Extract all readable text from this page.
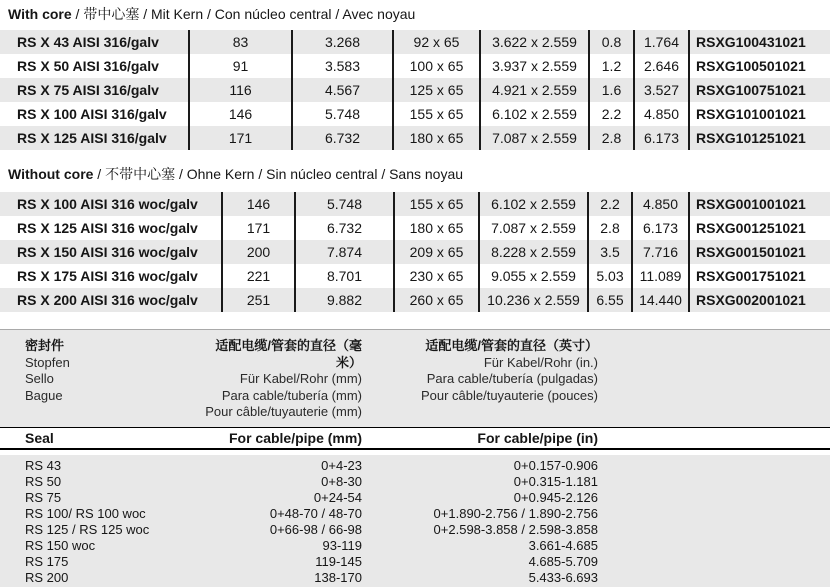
With core / 带中心塞 / Mit Kern / Con núcleo central / Avec noyau
RS X 43 AISI 316/galv	83	3.268	92 x 65	3.622 x 2.559	0.8	1.764	RSXG100431021
RS X 50 AISI 316/galv	91	3.583	100 x 65	3.937 x 2.559	1.2	2.646	RSXG100501021
RS X 75 AISI 316/galv	116	4.567	125 x 65	4.921 x 2.559	1.6	3.527	RSXG100751021
RS X 100 AISI 316/galv	146	5.748	155 x 65	6.102 x 2.559	2.2	4.850	RSXG101001021
RS X 125 AISI 316/galv	171	6.732	180 x 65	7.087 x 2.559	2.8	6.173	RSXG101251021
Without core / 不带中心塞 / Ohne Kern / Sin núcleo central / Sans noyau
RS X 100 AISI 316 woc/galv	146	5.748	155 x 65	6.102 x 2.559	2.2	4.850	RSXG001001021
RS X 125 AISI 316 woc/galv	171	6.732	180 x 65	7.087 x 2.559	2.8	6.173	RSXG001251021
RS X 150 AISI 316 woc/galv	200	7.874	209 x 65	8.228 x 2.559	3.5	7.716	RSXG001501021
RS X 175 AISI 316 woc/galv	221	8.701	230 x 65	9.055 x 2.559	5.03	11.089	RSXG001751021
RS X 200 AISI 316 woc/galv	251	9.882	260 x 65	10.236 x 2.559	6.55	14.440	RSXG002001021
密封件
Stopfen
Sello
Bague
适配电缆/管套的直径（毫米）
Für Kabel/Rohr (mm)
Para cable/tubería (mm)
Pour câble/tuyauterie (mm)
适配电缆/管套的直径（英寸）
Für Kabel/Rohr (in.)
Para cable/tubería (pulgadas)
Pour câble/tuyauterie (pouces)
Seal	For cable/pipe (mm)	For cable/pipe (in)
RS 43	0+4-23	0+0.157-0.906
RS 50	0+8-30	0+0.315-1.181
RS 75	0+24-54	0+0.945-2.126
RS 100/ RS 100 woc	0+48-70 / 48-70	0+1.890-2.756 / 1.890-2.756
RS 125 / RS 125 woc	0+66-98 / 66-98	0+2.598-3.858 / 2.598-3.858
RS 150 woc	93-119	3.661-4.685
RS 175	119-145	4.685-5.709
RS 200	138-170	5.433-6.693
